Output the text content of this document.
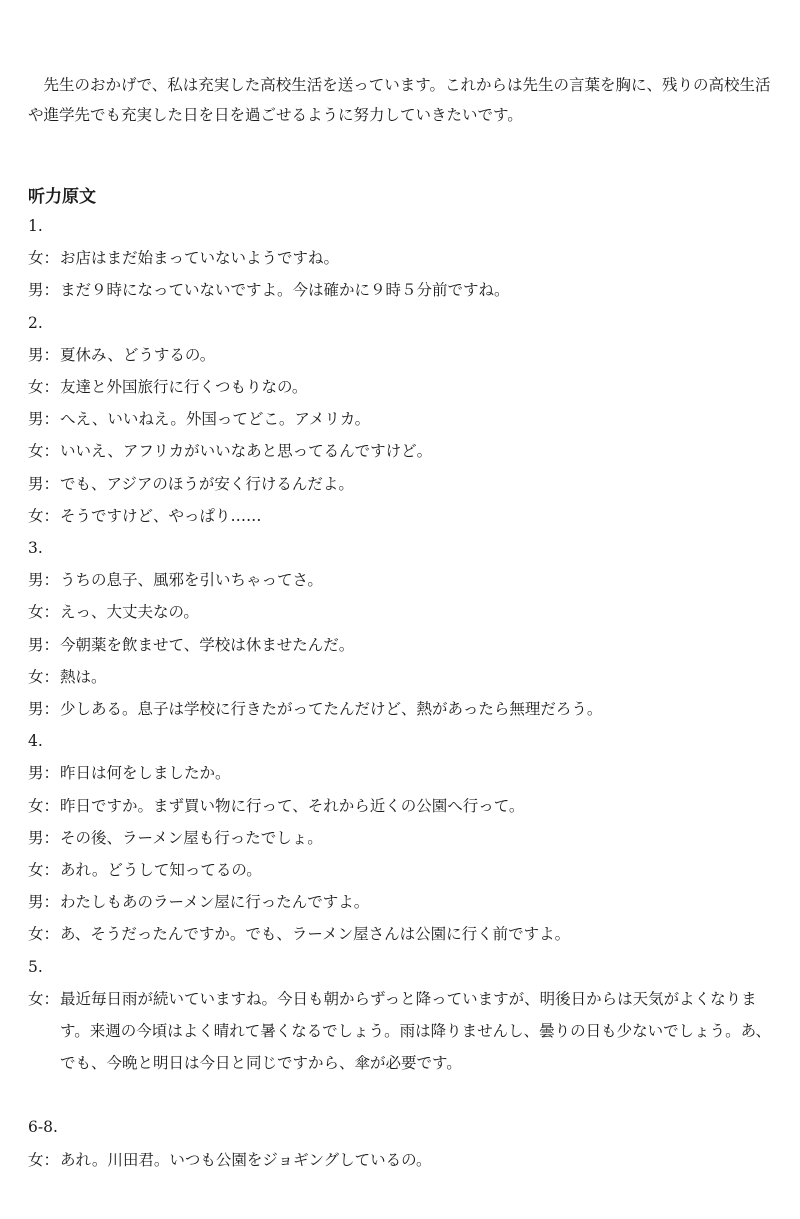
先生のおかげで、私は充実した高校生活を送っています。これからは先生の言葉を胸に、残りの高校生活や進学先でも充実した日を日を過ごせるように努力していきたいです。

听力原文
1.
女： お店はまだ始まっていないようですね。
男： まだ９時になっていないですよ。今は確かに９時５分前ですね。
2.
男： 夏休み、どうするの。
女： 友達と外国旅行に行くつもりなの。
男： へえ、いいねえ。外国ってどこ。アメリカ。
女： いいえ、アフリカがいいなあと思ってるんですけど。
男： でも、アジアのほうが安く行けるんだよ。
女： そうですけど、やっぱり‥‥‥
3.
男： うちの息子、風邪を引いちゃってさ。
女： えっ、大丈夫なの。
男： 今朝薬を飲ませて、学校は休ませたんだ。
女： 熱は。
男： 少しある。息子は学校に行きたがってたんだけど、熱があったら無理だろう。
4.
男： 昨日は何をしましたか。
女： 昨日ですか。まず買い物に行って、それから近くの公園へ行って。
男： その後、ラーメン屋も行ったでしょ。
女： あれ。どうして知ってるの。
男： わたしもあのラーメン屋に行ったんですよ。
女： あ、そうだったんですか。でも、ラーメン屋さんは公園に行く前ですよ。
5.
女： 最近毎日雨が続いていますね。今日も朝からずっと降っていますが、明後日からは天気がよくなります。来週の今頃はよく晴れて暑くなるでしょう。雨は降りませんし、曇りの日も少ないでしょう。あ、でも、今晩と明日は今日と同じですから、傘が必要です。
6-8.
女： あれ。川田君。いつも公園をジョギングしているの。
